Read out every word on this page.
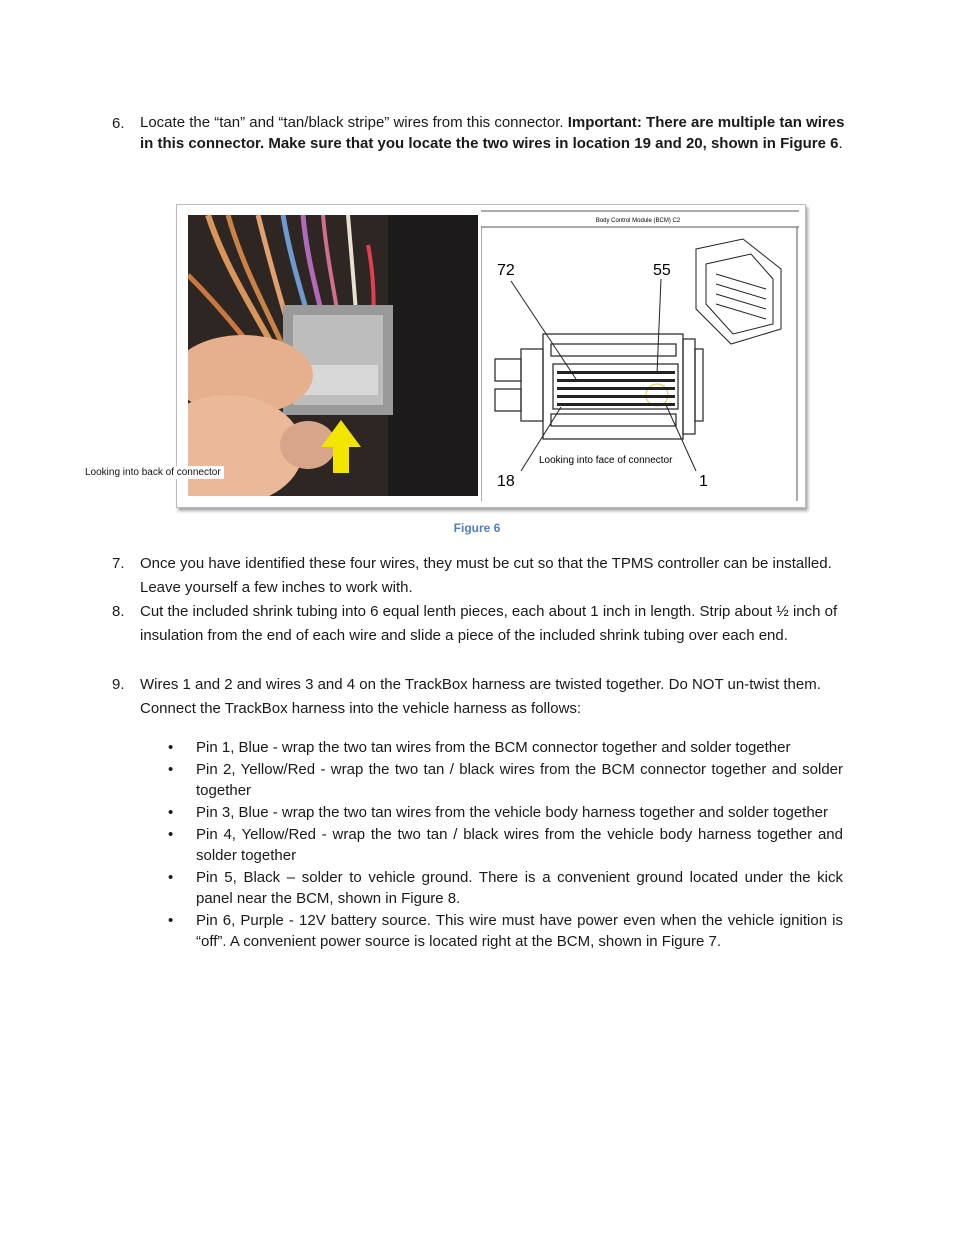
6. Locate the “tan” and “tan/black stripe” wires from this connector. Important: There are multiple tan wires in this connector. Make sure that you locate the two wires in location 19 and 20, shown in Figure 6.
Body Control Module (BCM) C2
72	55
18	1
Looking into face of connector
Looking into back of connector
Figure 6
7. Once you have identified these four wires, they must be cut so that the TPMS controller can be installed. Leave yourself a few inches to work with.
8. Cut the included shrink tubing into 6 equal lenth pieces, each about 1 inch in length. Strip about ½ inch of insulation from the end of each wire and slide a piece of the included shrink tubing over each end.
9. Wires 1 and 2 and wires 3 and 4 on the TrackBox harness are twisted together. Do NOT un-twist them. Connect the TrackBox harness into the vehicle harness as follows:
• Pin 1, Blue - wrap the two tan wires from the BCM connector together and solder together
• Pin 2, Yellow/Red - wrap the two tan / black wires from the BCM connector together and solder together
• Pin 3, Blue - wrap the two tan wires from the vehicle body harness together and solder together
• Pin 4, Yellow/Red - wrap the two tan / black wires from the vehicle body harness together and solder together
• Pin 5, Black – solder to vehicle ground. There is a convenient ground located under the kick panel near the BCM, shown in Figure 8.
• Pin 6, Purple - 12V battery source. This wire must have power even when the vehicle ignition is “off”. A convenient power source is located right at the BCM, shown in Figure 7.
